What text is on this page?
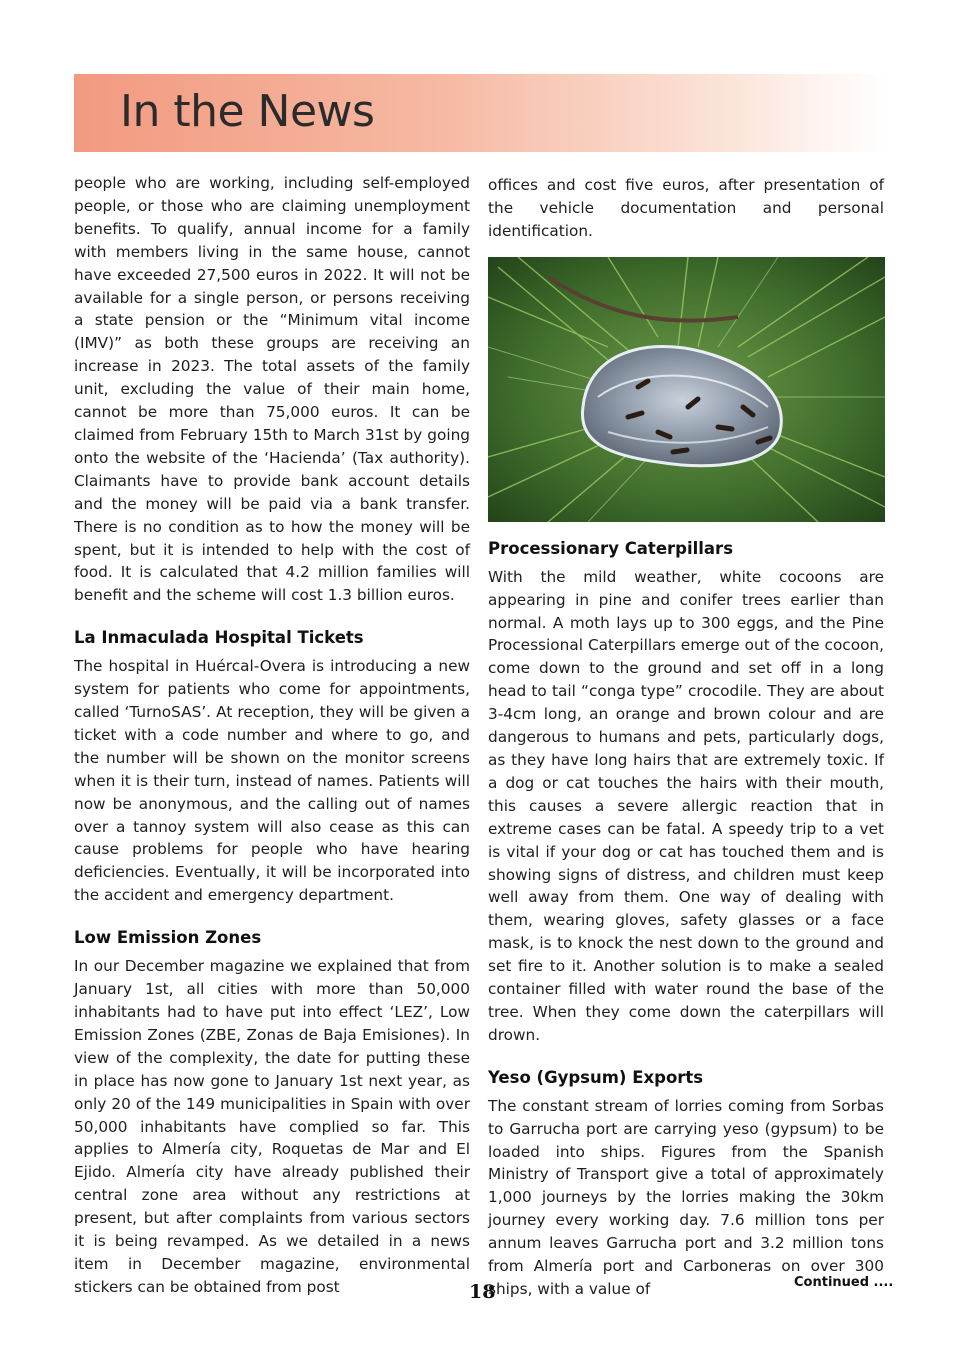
In the News

people who are working, including self-employed people, or those who are claiming unemployment benefits. To qualify, annual income for a family with members living in the same house, cannot have exceeded 27,500 euros in 2022. It will not be available for a single person, or persons receiving a state pension or the “Minimum vital income (IMV)” as both these groups are receiving an increase in 2023. The total assets of the family unit, excluding the value of their main home, cannot be more than 75,000 euros. It can be claimed from February 15th to March 31st by going onto the website of the ‘Hacienda’ (Tax authority). Claimants have to provide bank account details and the money will be paid via a bank transfer. There is no condition as to how the money will be spent, but it is intended to help with the cost of food. It is calculated that 4.2 million families will benefit and the scheme will cost 1.3 billion euros.

La Inmaculada Hospital Tickets

The hospital in Huércal-Overa is introducing a new system for patients who come for appointments, called ‘TurnoSAS’. At reception, they will be given a ticket with a code number and where to go, and the number will be shown on the monitor screens when it is their turn, instead of names. Patients will now be anonymous, and the calling out of names over a tannoy system will also cease as this can cause problems for people who have hearing deficiencies. Eventually, it will be incorporated into the accident and emergency department.

Low Emission Zones

In our December magazine we explained that from January 1st, all cities with more than 50,000 inhabitants had to have put into effect ‘LEZ’, Low Emission Zones (ZBE, Zonas de Baja Emisiones). In view of the complexity, the date for putting these in place has now gone to January 1st next year, as only 20 of the 149 municipalities in Spain with over 50,000 inhabitants have complied so far. This applies to Almería city, Roquetas de Mar and El Ejido. Almería city have already published their central zone area without any restrictions at present, but after complaints from various sectors it is being revamped. As we detailed in a news item in December magazine, environmental stickers can be obtained from post

offices and cost five euros, after presentation of the vehicle documentation and personal identification.

Processionary Caterpillars

With the mild weather, white cocoons are appearing in pine and conifer trees earlier than normal. A moth lays up to 300 eggs, and the Pine Processional Caterpillars emerge out of the cocoon, come down to the ground and set off in a long head to tail “conga type” crocodile. They are about 3-4cm long, an orange and brown colour and are dangerous to humans and pets, particularly dogs, as they have long hairs that are extremely toxic. If a dog or cat touches the hairs with their mouth, this causes a severe allergic reaction that in extreme cases can be fatal. A speedy trip to a vet is vital if your dog or cat has touched them and is showing signs of distress, and children must keep well away from them. One way of dealing with them, wearing gloves, safety glasses or a face mask, is to knock the nest down to the ground and set fire to it. Another solution is to make a sealed container filled with water round the base of the tree. When they come down the caterpillars will drown.

Yeso (Gypsum) Exports

The constant stream of lorries coming from Sorbas to Garrucha port are carrying yeso (gypsum) to be loaded into ships. Figures from the Spanish Ministry of Transport give a total of approximately 1,000 journeys by the lorries making the 30km journey every working day. 7.6 million tons per annum leaves Garrucha port and 3.2 million tons from Almería port and Carboneras on over 300 ships, with a value of

18	Continued ....
